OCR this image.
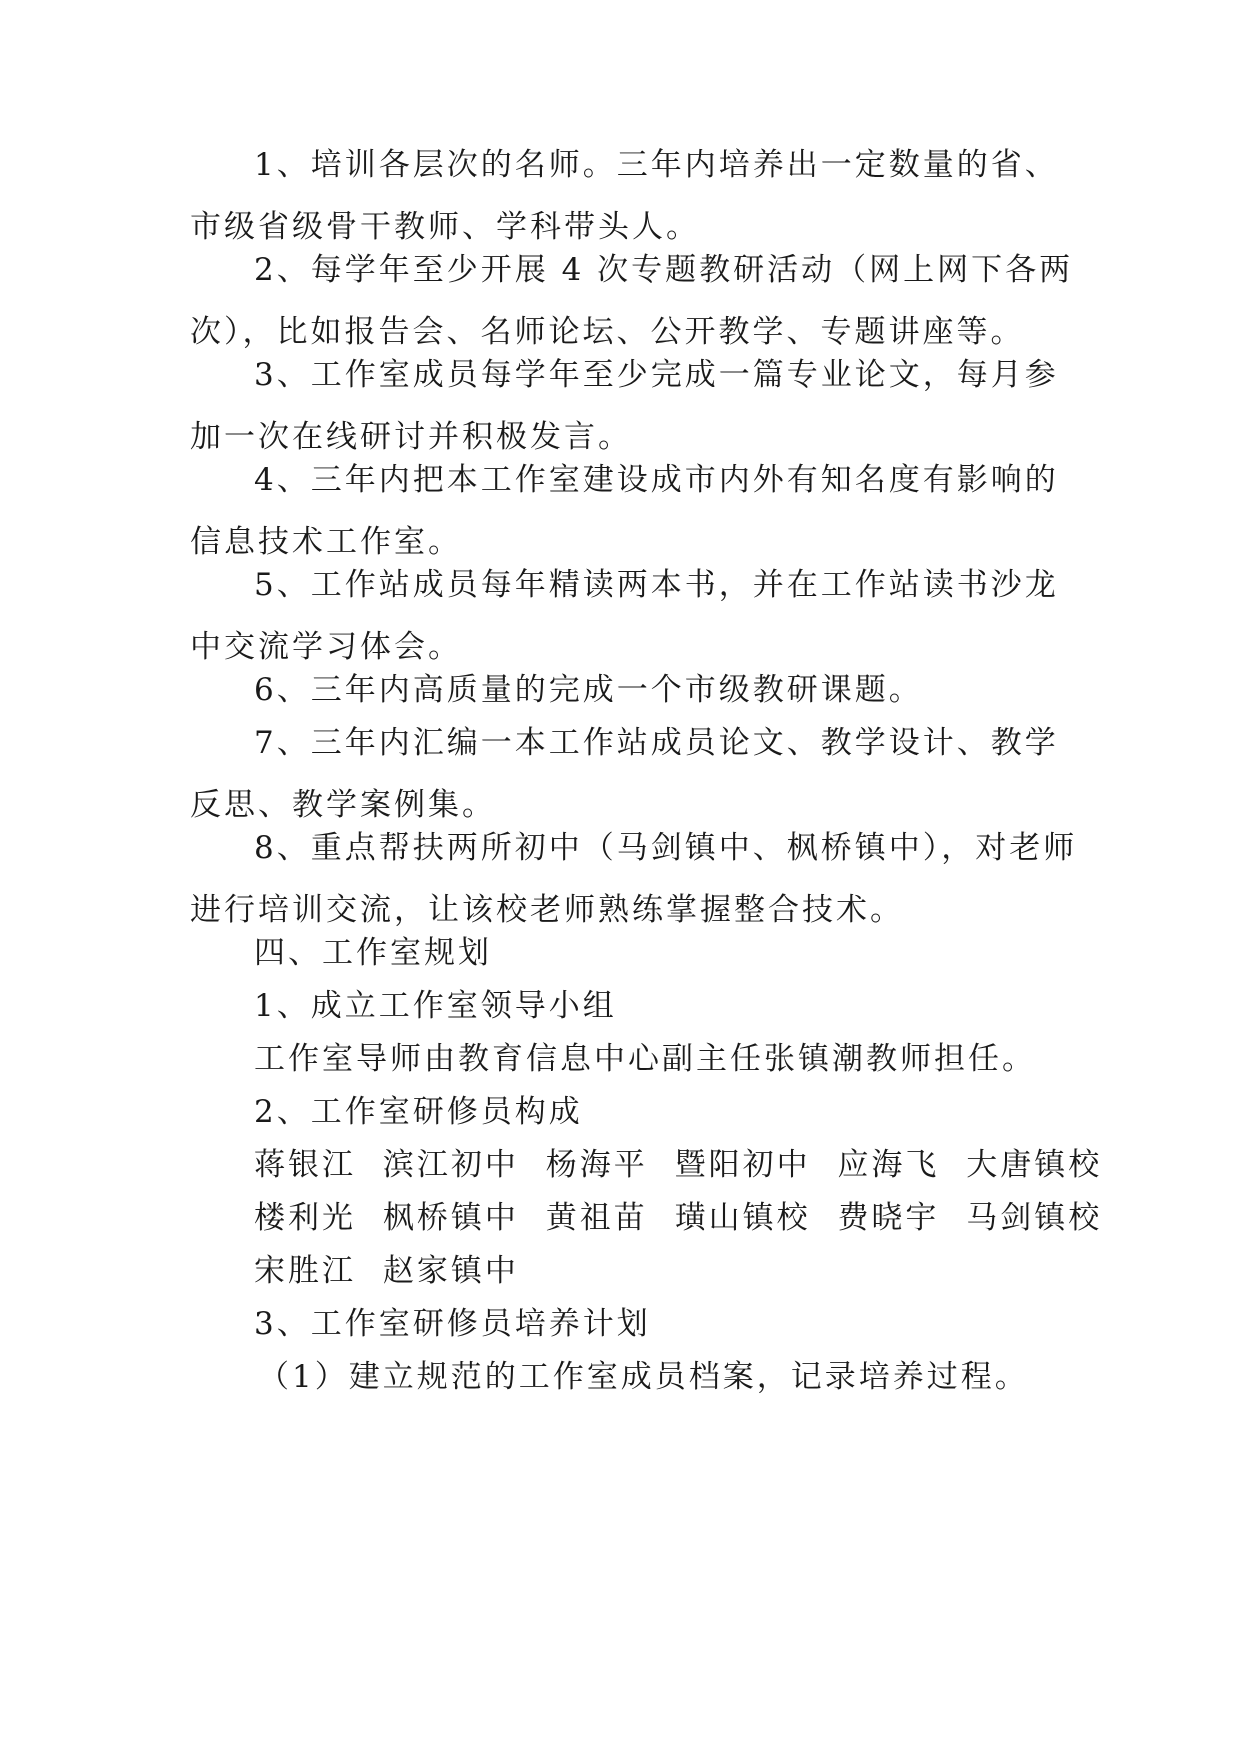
1、培训各层次的名师。三年内培养出一定数量的省、
市级省级骨干教师、学科带头人。

2、每学年至少开展 4 次专题教研活动（网上网下各两
次），比如报告会、名师论坛、公开教学、专题讲座等。

3、工作室成员每学年至少完成一篇专业论文，每月参
加一次在线研讨并积极发言。

4、三年内把本工作室建设成市内外有知名度有影响的
信息技术工作室。

5、工作站成员每年精读两本书，并在工作站读书沙龙
中交流学习体会。

6、三年内高质量的完成一个市级教研课题。

7、三年内汇编一本工作站成员论文、教学设计、教学
反思、教学案例集。

8、重点帮扶两所初中（马剑镇中、枫桥镇中），对老师
进行培训交流，让该校老师熟练掌握整合技术。

四、工作室规划

1、成立工作室领导小组

工作室导师由教育信息中心副主任张镇潮教师担任。

2、工作室研修员构成

蒋银江 滨江初中 杨海平 暨阳初中 应海飞 大唐镇校
楼利光 枫桥镇中 黄祖苗 璜山镇校 费晓宇 马剑镇校
宋胜江 赵家镇中

3、工作室研修员培养计划

（1）建立规范的工作室成员档案，记录培养过程。
